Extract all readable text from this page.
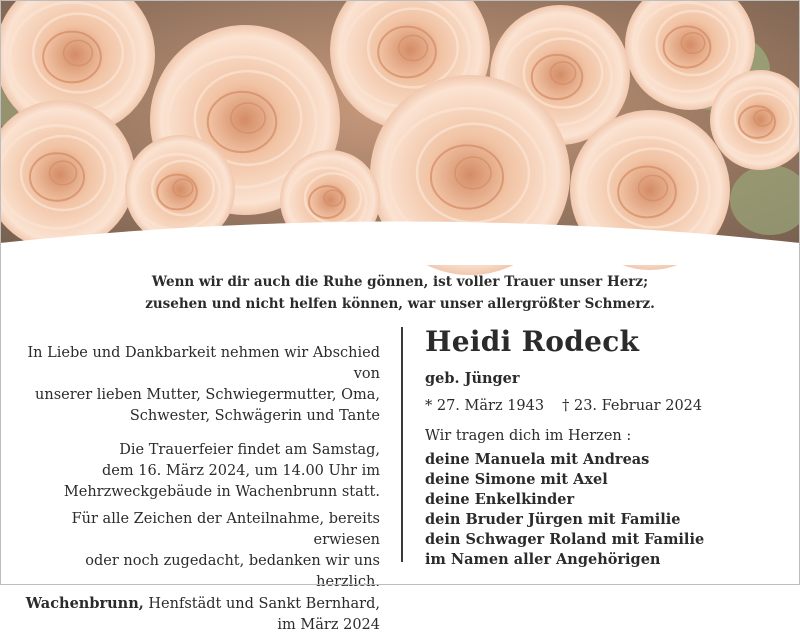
Wenn wir dir auch die Ruhe gönnen, ist voller Trauer unser Herz;
zusehen und nicht helfen können, war unser allergrößter Schmerz.

In Liebe und Dankbarkeit nehmen wir Abschied von

unserer lieben Mutter, Schwiegermutter, Oma,

Schwester, Schwägerin und Tante

Die Trauerfeier findet am Samstag,

dem 16. März 2024, um 14.00 Uhr im

Mehrzweckgebäude in Wachenbrunn statt.

Für alle Zeichen der Anteilnahme, bereits erwiesen

oder noch zugedacht, bedanken wir uns herzlich.

Wachenbrunn, Henfstädt und Sankt Bernhard,

im März 2024

Heidi Rodeck
geb. Jünger
* 27. März 1943 † 23. Februar 2024
Wir tragen dich im Herzen :
deine Manuela mit Andreas
deine Simone mit Axel
deine Enkelkinder
dein Bruder Jürgen mit Familie
dein Schwager Roland mit Familie
im Namen aller Angehörigen
